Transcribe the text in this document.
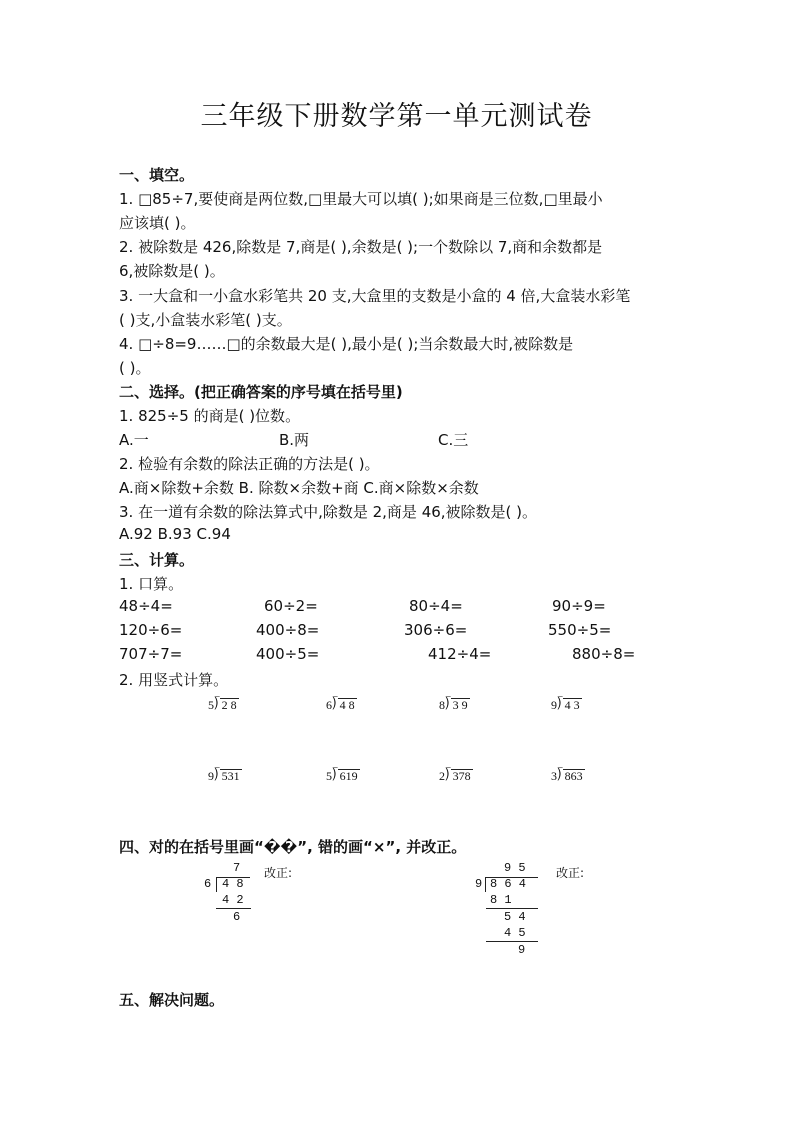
三年级下册数学第一单元测试卷
一、填空。
1. □85÷7,要使商是两位数,□里最大可以填( );如果商是三位数,□里最小
应该填( )。
2. 被除数是 426,除数是 7,商是( ),余数是( );一个数除以 7,商和余数都是
6,被除数是( )。
3. 一大盒和一小盒水彩笔共 20 支,大盒里的支数是小盒的 4 倍,大盒装水彩笔
( )支,小盒装水彩笔( )支。
4. □÷8=9……□的余数最大是( ),最小是( );当余数最大时,被除数是
( )。
二、选择。(把正确答案的序号填在括号里)
1. 825÷5 的商是( )位数。
A.一	B.两	C.三
2. 检验有余数的除法正确的方法是( )。
A.商×除数+余数 B. 除数×余数+商 C.商×除数×余数
3. 在一道有余数的除法算式中,除数是 2,商是 46,被除数是( )。
A.92 B.93 C.94
三、计算。
1. 口算。
48÷4=	60÷2=	80÷4=	90÷9=
120÷6=	400÷8=	306÷6=	550÷5=
707÷7=	400÷5=	412÷4=	880÷8=
2. 用竖式计算。
5⟌ 2 8	6⟌ 4 8	8⟌ 3 9	9⟌ 4 3
9⟌ 531	5⟌ 619	2⟌ 378	3⟌ 863
四、对的在括号里画“��”, 错的画“×”, 并改正。
7
6 4 8
4 2
6
改正:	9 5
9 8 6 4
8 1
5 4
4 5
9
改正:
五、解决问题。
